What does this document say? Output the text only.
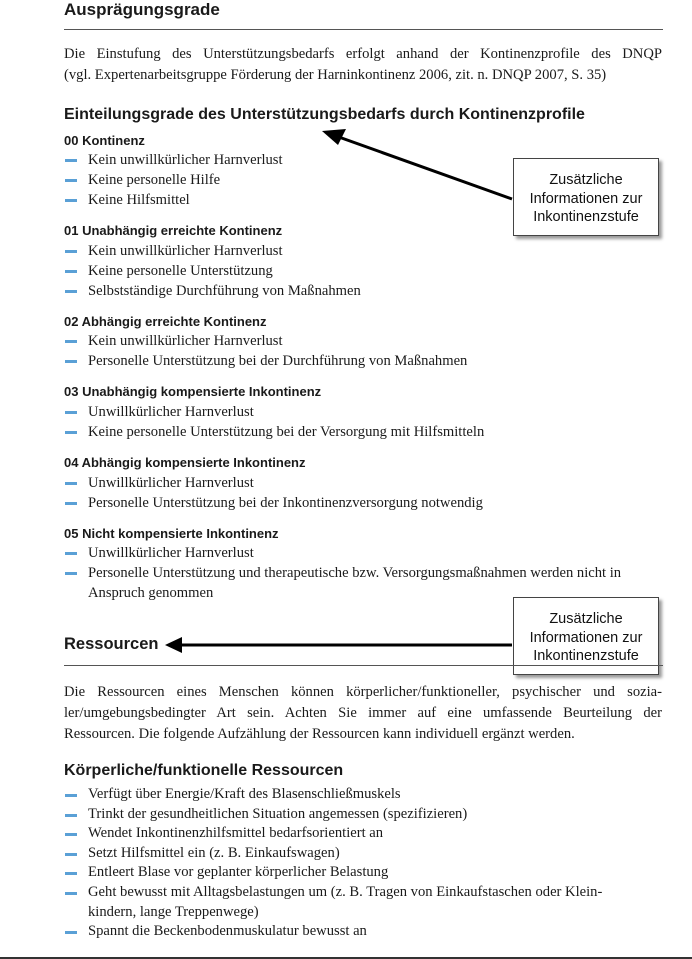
Ausprägungsgrade
Die Einstufung des Unterstützungsbedarfs erfolgt anhand der Kontinenzprofile des DNQP
(vgl. Expertenarbeitsgruppe Förderung der Harninkontinenz 2006, zit. n. DNQP 2007, S. 35)
Einteilungsgrade des Unterstützungsbedarfs durch Kontinenzprofile
00 Kontinenz
Kein unwillkürlicher Harnverlust
Keine personelle Hilfe
Keine Hilfsmittel
01 Unabhängig erreichte Kontinenz
Kein unwillkürlicher Harnverlust
Keine personelle Unterstützung
Selbstständige Durchführung von Maßnahmen
02 Abhängig erreichte Kontinenz
Kein unwillkürlicher Harnverlust
Personelle Unterstützung bei der Durchführung von Maßnahmen
03 Unabhängig kompensierte Inkontinenz
Unwillkürlicher Harnverlust
Keine personelle Unterstützung bei der Versorgung mit Hilfsmitteln
04 Abhängig kompensierte Inkontinenz
Unwillkürlicher Harnverlust
Personelle Unterstützung bei der Inkontinenzversorgung notwendig
05 Nicht kompensierte Inkontinenz
Unwillkürlicher Harnverlust
Personelle Unterstützung und therapeutische bzw. Versorgungsmaßnahmen werden nicht in Anspruch genommen
Zusätzliche
Informationen zur
Inkontinenzstufe
Zusätzliche
Informationen zur
Inkontinenzstufe
Ressourcen
Die Ressourcen eines Menschen können körperlicher/funktioneller, psychischer und sozia-
ler/umgebungsbedingter Art sein. Achten Sie immer auf eine umfassende Beurteilung der
Ressourcen. Die folgende Aufzählung der Ressourcen kann individuell ergänzt werden.
Körperliche/funktionelle Ressourcen
Verfügt über Energie/Kraft des Blasenschließmuskels
Trinkt der gesundheitlichen Situation angemessen (spezifizieren)
Wendet Inkontinenzhilfsmittel bedarfsorientiert an
Setzt Hilfsmittel ein (z. B. Einkaufswagen)
Entleert Blase vor geplanter körperlicher Belastung
Geht bewusst mit Alltagsbelastungen um (z. B. Tragen von Einkaufstaschen oder Klein-kindern, lange Treppenwege)
Spannt die Beckenbodenmuskulatur bewusst an
